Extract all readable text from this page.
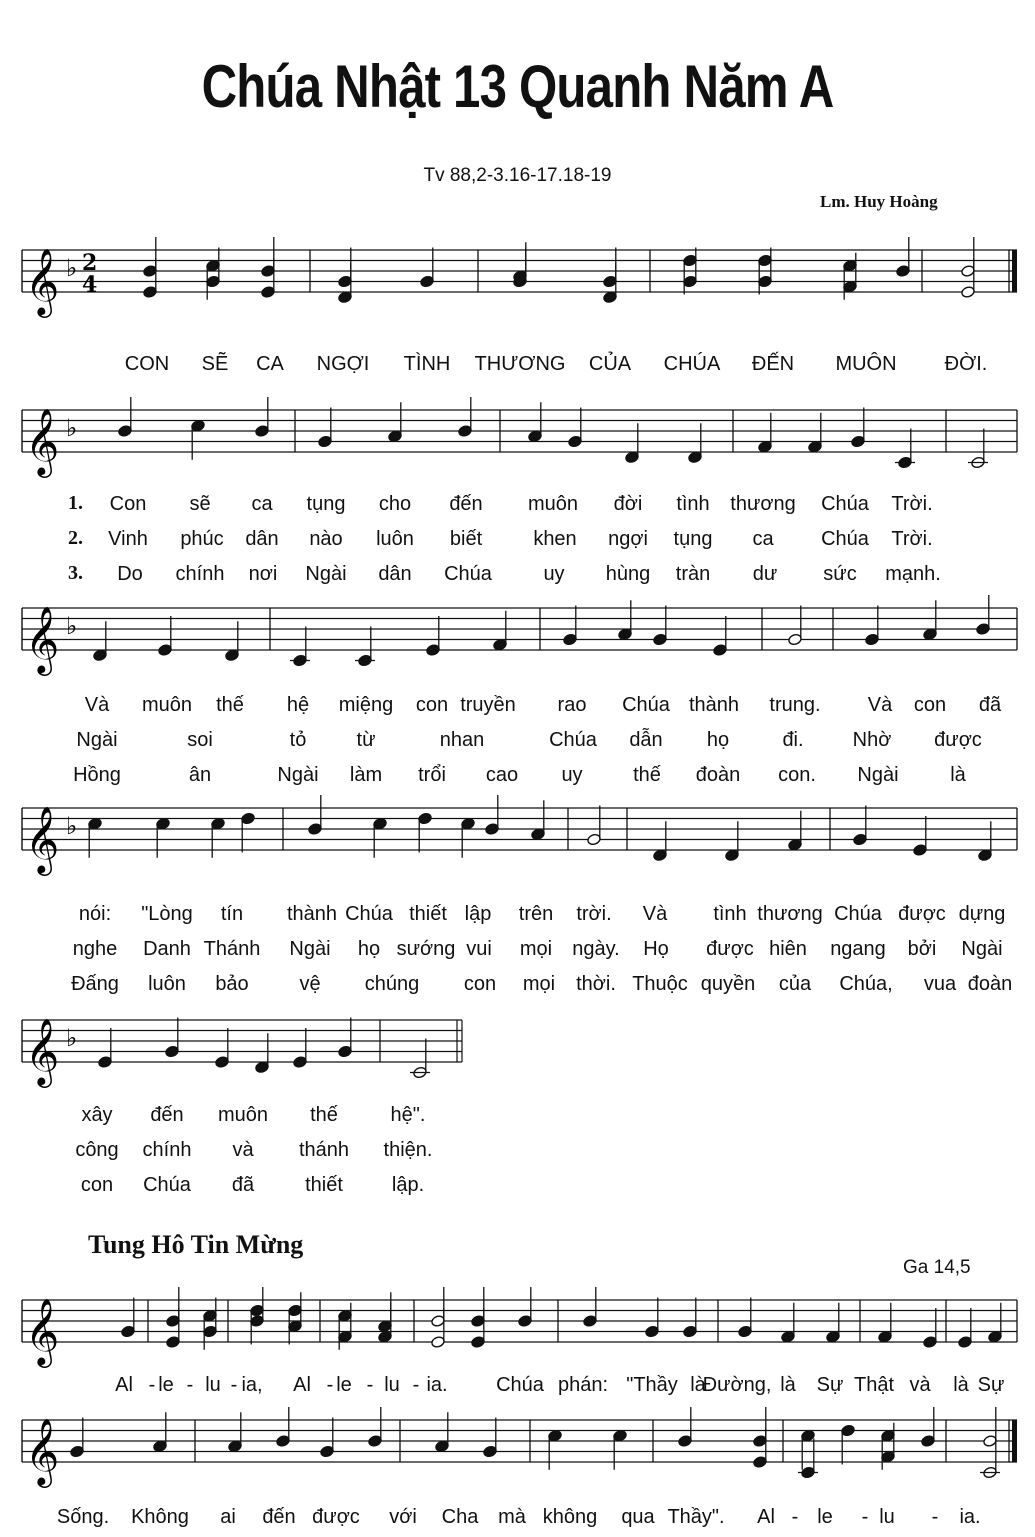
Chúa Nhật 13 Quanh Năm A
Tv 88,2-3.16-17.18-19
Lm. Huy Hoàng
𝄞 ♭ 2
4
𝄞 ♭
𝄞 ♭
𝄞 ♭
𝄞 ♭
𝄞
𝄞
CON SẼ CA NGỢI TÌNH THƯƠNG CỦA CHÚA ĐẾN MUÔN ĐỜI.
1. Con sẽ ca tụng cho đến muôn đời tình thương Chúa Trời.
2. Vinh phúc dân nào luôn biết	khen ngợi tụng ca Chúa Trời.
3. Do chính nơi Ngài dân Chúa	uy hùng tràn dư sức mạnh.
Và muôn thế hệ miệng con truyền rao Chúa thành trung. Và con đã
Ngài	soi	tỏ	từ	nhan	Chúa dẫn họ	đi. Nhờ được
Hồng	ân	Ngài làm trổi cao uy	thế đoàn con. Ngài	là
nói: "Lòng tín thành Chúa thiết lập trên trời. Và tình thương Chúa được dựng
nghe Danh Thánh Ngài họ sướng vui mọi ngày. Họ được hiên ngang bởi Ngài
Đấng luôn bảo	vệ chúng con mọi thời. Thuộc quyền của Chúa, vua đoàn
xây đến muôn thế	hệ".
công chính và thánh thiện.
con Chúa đã	thiết lập.
Al - le - lu - ia, Al - le - lu - ia. Chúa phán: "Thầy là
Đường, là Sự Thật và là Sự
Sống. Không ai đến được với Cha mà không qua Thầy". Al - le - lu - ia.
Tung Hô Tin Mừng
Ga 14,5
